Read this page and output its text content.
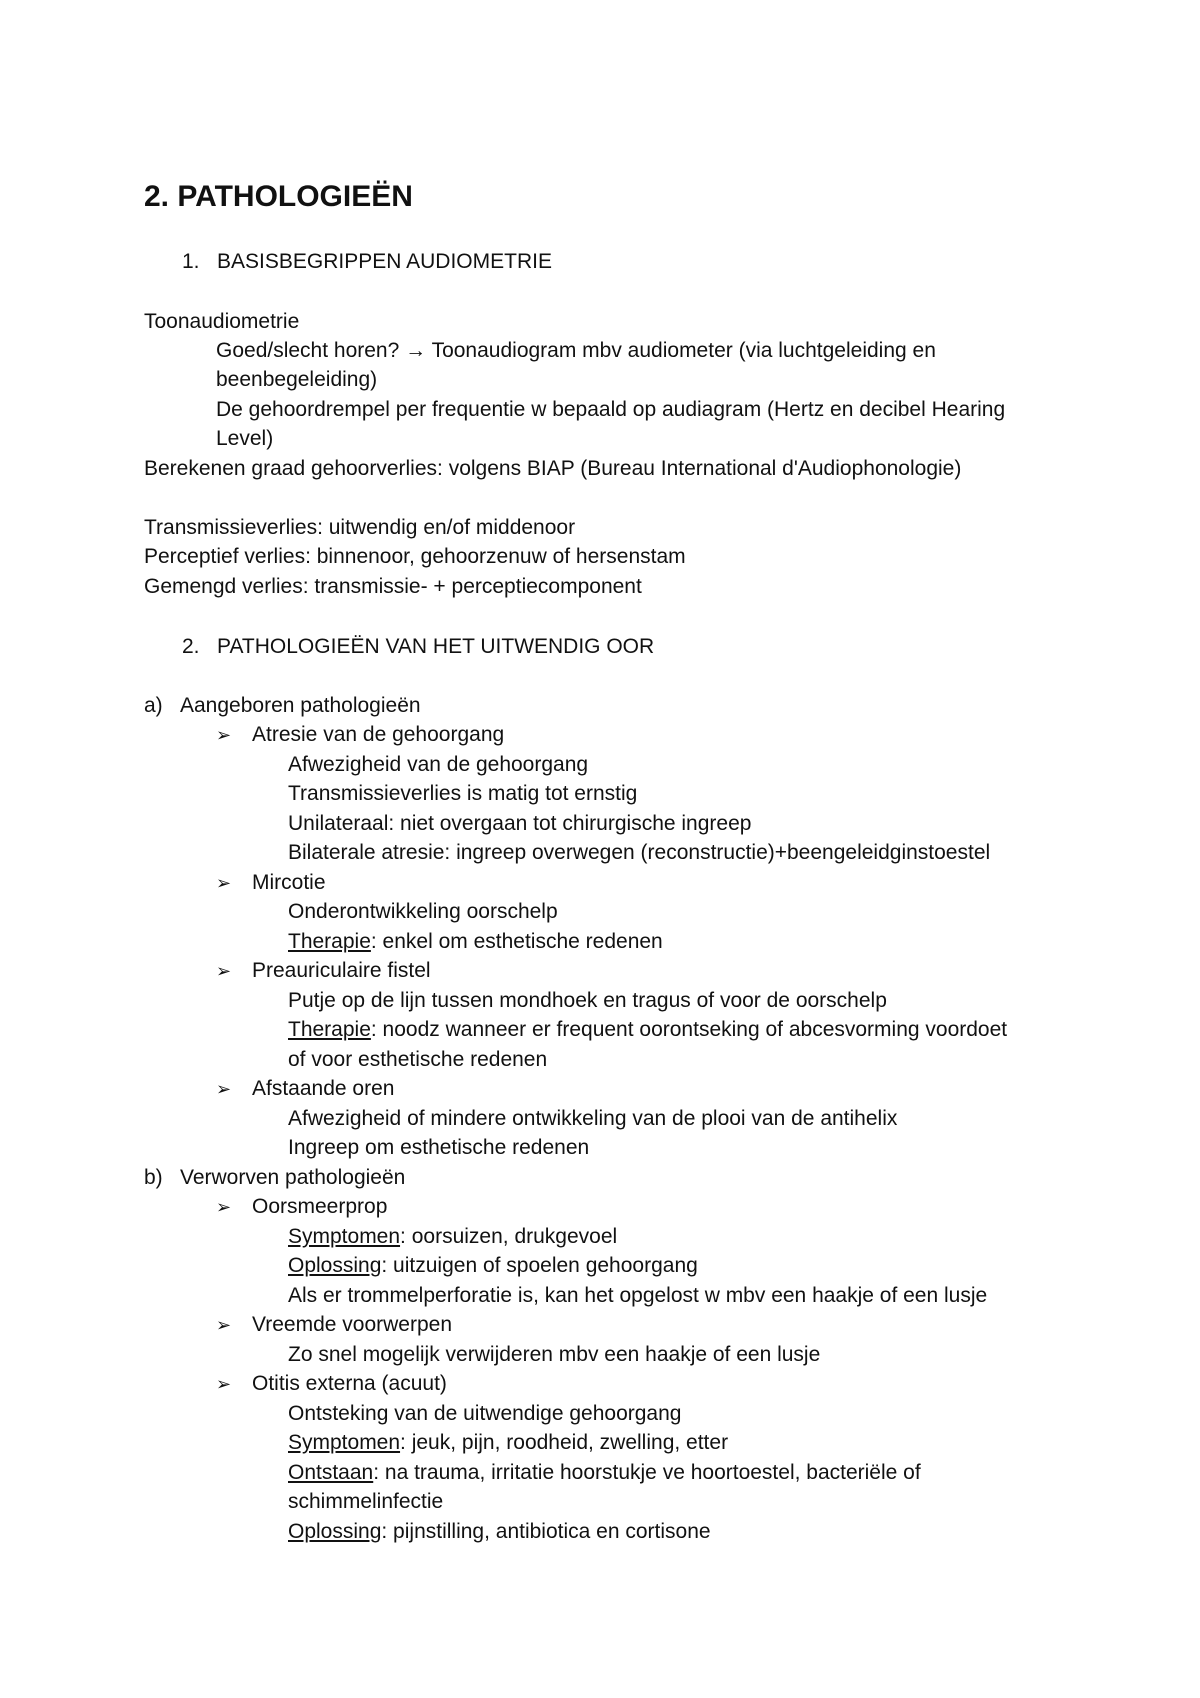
2. PATHOLOGIEËN
1. BASISBEGRIPPEN AUDIOMETRIE
Toonaudiometrie
Goed/slecht horen? → Toonaudiogram mbv audiometer (via luchtgeleiding en
beenbegeleiding)
De gehoordrempel per frequentie w bepaald op audiagram (Hertz en decibel Hearing
Level)
Berekenen graad gehoorverlies: volgens BIAP (Bureau International d'Audiophonologie)
Transmissieverlies: uitwendig en/of middenoor
Perceptief verlies: binnenoor, gehoorzenuw of hersenstam
Gemengd verlies: transmissie- + perceptiecomponent
2. PATHOLOGIEËN VAN HET UITWENDIG OOR
a) Aangeboren pathologieën
➢ Atresie van de gehoorgang
Afwezigheid van de gehoorgang
Transmissieverlies is matig tot ernstig
Unilateraal: niet overgaan tot chirurgische ingreep
Bilaterale atresie: ingreep overwegen (reconstructie)+beengeleidginstoestel
➢ Mircotie
Onderontwikkeling oorschelp
Therapie: enkel om esthetische redenen
➢ Preauriculaire fistel
Putje op de lijn tussen mondhoek en tragus of voor de oorschelp
Therapie: noodz wanneer er frequent oorontseking of abcesvorming voordoet
of voor esthetische redenen
➢ Afstaande oren
Afwezigheid of mindere ontwikkeling van de plooi van de antihelix
Ingreep om esthetische redenen
b) Verworven pathologieën
➢ Oorsmeerprop
Symptomen: oorsuizen, drukgevoel
Oplossing: uitzuigen of spoelen gehoorgang
Als er trommelperforatie is, kan het opgelost w mbv een haakje of een lusje
➢ Vreemde voorwerpen
Zo snel mogelijk verwijderen mbv een haakje of een lusje
➢ Otitis externa (acuut)
Ontsteking van de uitwendige gehoorgang
Symptomen: jeuk, pijn, roodheid, zwelling, etter
Ontstaan: na trauma, irritatie hoorstukje ve hoortoestel, bacteriële of
schimmelinfectie
Oplossing: pijnstilling, antibiotica en cortisone
